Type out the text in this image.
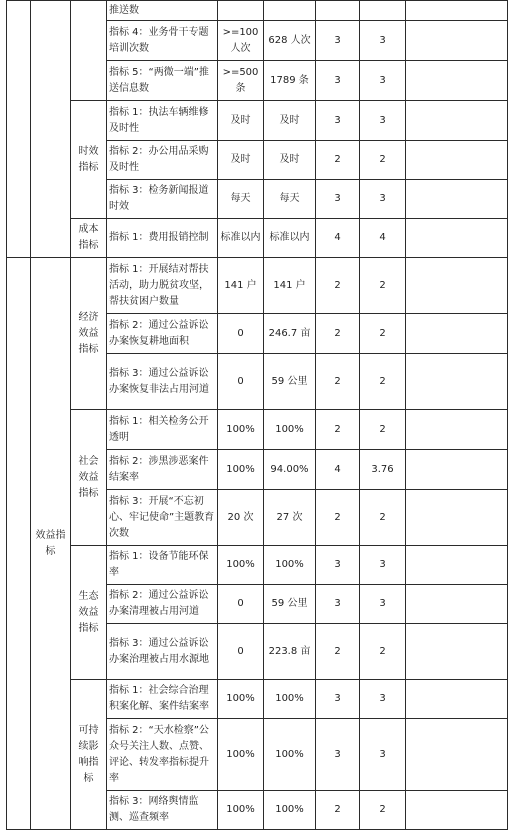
			推送数					
			指标 4：业务骨干专题培训次数	>=100 人次	628 人次	3	3	
			指标 5：“两微一端”推送信息数	>=500 条	1789 条	3	3	
		时效指标	指标 1：执法车辆维修及时性	及时	及时	3	3	
			指标 2：办公用品采购及时性	及时	及时	2	2	
			指标 3：检务新闻报道时效	每天	每天	3	3	
		成本指标	指标 1：费用报销控制	标准以内	标准以内	4	4	
	效益指标	经济效益指标	指标 1：开展结对帮扶活动，助力脱贫攻坚，帮扶贫困户数量	141 户	141 户	2	2	
			指标 2：通过公益诉讼办案恢复耕地面积	0	246.7 亩	2	2	
			指标 3：通过公益诉讼办案恢复非法占用河道	0	59 公里	2	2	
		社会效益指标	指标 1：相关检务公开透明	100%	100%	2	2	
			指标 2：涉黑涉恶案件结案率	100%	94.00%	4	3.76	
			指标 3：开展“不忘初心、牢记使命”主题教育次数	20 次	27 次	2	2	
		生态效益指标	指标 1：设备节能环保率	100%	100%	3	3	
			指标 2：通过公益诉讼办案清理被占用河道	0	59 公里	3	3	
			指标 3：通过公益诉讼办案治理被占用水源地	0	223.8 亩	2	2	
		可持续影响指标	指标 1：社会综合治理积案化解、案件结案率	100%	100%	3	3	
			指标 2：“天水检察”公众号关注人数、点赞、评论、转发率指标提升率	100%	100%	3	3	
			指标 3：网络舆情监测、巡查频率	100%	100%	2	2	
